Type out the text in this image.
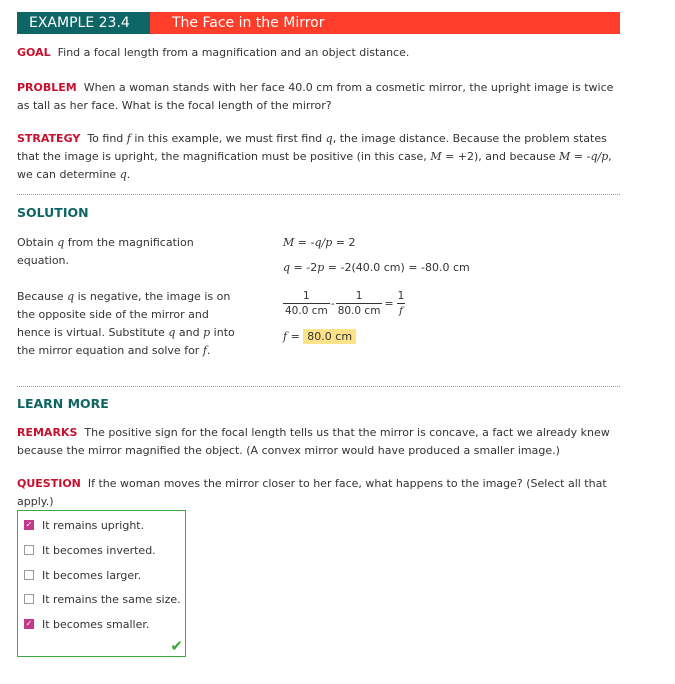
EXAMPLE 23.4	The Face in the Mirror
GOAL Find a focal length from a magnification and an object distance.
PROBLEM When a woman stands with her face 40.0 cm from a cosmetic mirror, the upright image is twice as tall as her face. What is the focal length of the mirror?
STRATEGY To find f in this example, we must first find q, the image distance. Because the problem states that the image is upright, the magnification must be positive (in this case, M = +2), and because M = -q/p, we can determine q.
SOLUTION
Obtain q from the magnification equation.
M = -q/p = 2
q = -2p = -2(40.0 cm) = -80.0 cm
Because q is negative, the image is on the opposite side of the mirror and hence is virtual. Substitute q and p into the mirror equation and solve for f.
$\frac{1}{40.0 cm} - \frac{1}{80.0 cm} = \frac{1}{f}$
f = 80.0 cm
LEARN MORE
REMARKS The positive sign for the focal length tells us that the mirror is concave, a fact we already knew because the mirror magnified the object. (A convex mirror would have produced a smaller image.)
QUESTION If the woman moves the mirror closer to her face, what happens to the image? (Select all that apply.)
✓ It remains upright.
It becomes inverted.
It becomes larger.
It remains the same size.
✓ It becomes smaller.
✔
